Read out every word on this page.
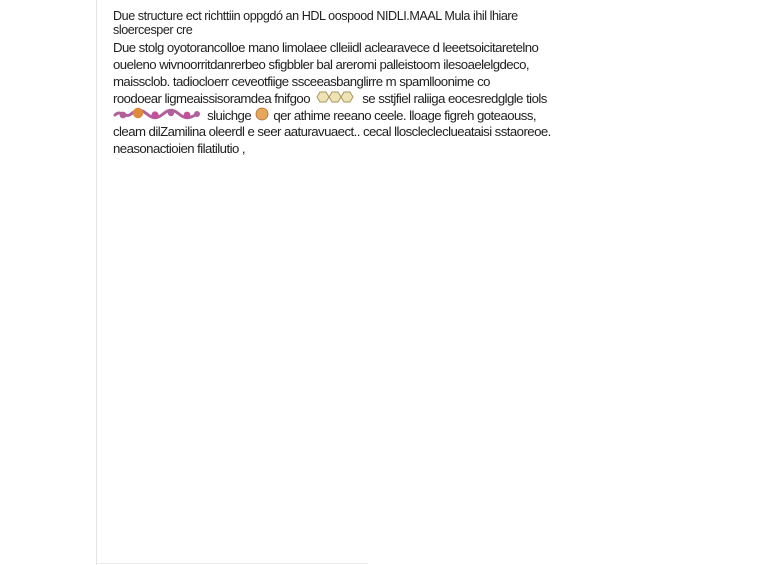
Due structure ect richttiin oppgdó an HDL oospood NIDLI.MAAL Mula ihil lhiare

sloercesper cre

Due stolg oyotorancolloe mano limolaee clleiidl aclearavece d leeetsoicitaretelno
oueleno wivnoorritdanrerbeo sfigbbler bal areromi palleistoom ilesoaelelgdeco,
maissclob. tadiocloerr ceveotfiige ssceeasbanglirre m spamlloonime co
roodoear ligmeaissisoramdea fnifgoo	se sstjfiel raliiga eocesredglgle tiols
sluichge qer athime reeano ceele. lloage figreh goteaouss,
cleam dilZamilina oleerdl e seer aaturavuaect.. cecal llosclecleclueataisi sstaoreoe.
neasonactioien filatilutio ,
